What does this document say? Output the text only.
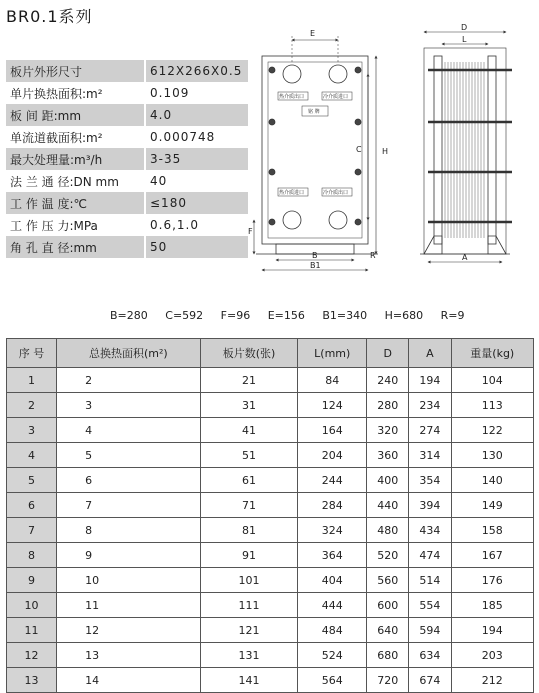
BR0.1系列
板片外形尺寸	612X266X0.5
单片换热面积:m²	0.109
板 间 距:mm	4.0
单流道截面积:m²	0.000748
最大处理量:m³/h	3-35
法 兰 通 径:DN mm	40
工 作 温 度:℃	≤180
工 作 压 力:MPa	0.6,1.0
角 孔 直 径:mm	50
E
H
C
F
B
B1
R
D
L
A
热介质出口	冷介质进口
铭 牌
热介质进口	冷介质出口
B=280 C=592 F=96 E=156 B1=340 H=680 R=9
序 号	总换热面积(m²)	板片数(张)	L(mm)	D	A	重量(kg)
1	2	21	84	240	194	104
2	3	31	124	280	234	113
3	4	41	164	320	274	122
4	5	51	204	360	314	130
5	6	61	244	400	354	140
6	7	71	284	440	394	149
7	8	81	324	480	434	158
8	9	91	364	520	474	167
9	10	101	404	560	514	176
10	11	111	444	600	554	185
11	12	121	484	640	594	194
12	13	131	524	680	634	203
13	14	141	564	720	674	212
